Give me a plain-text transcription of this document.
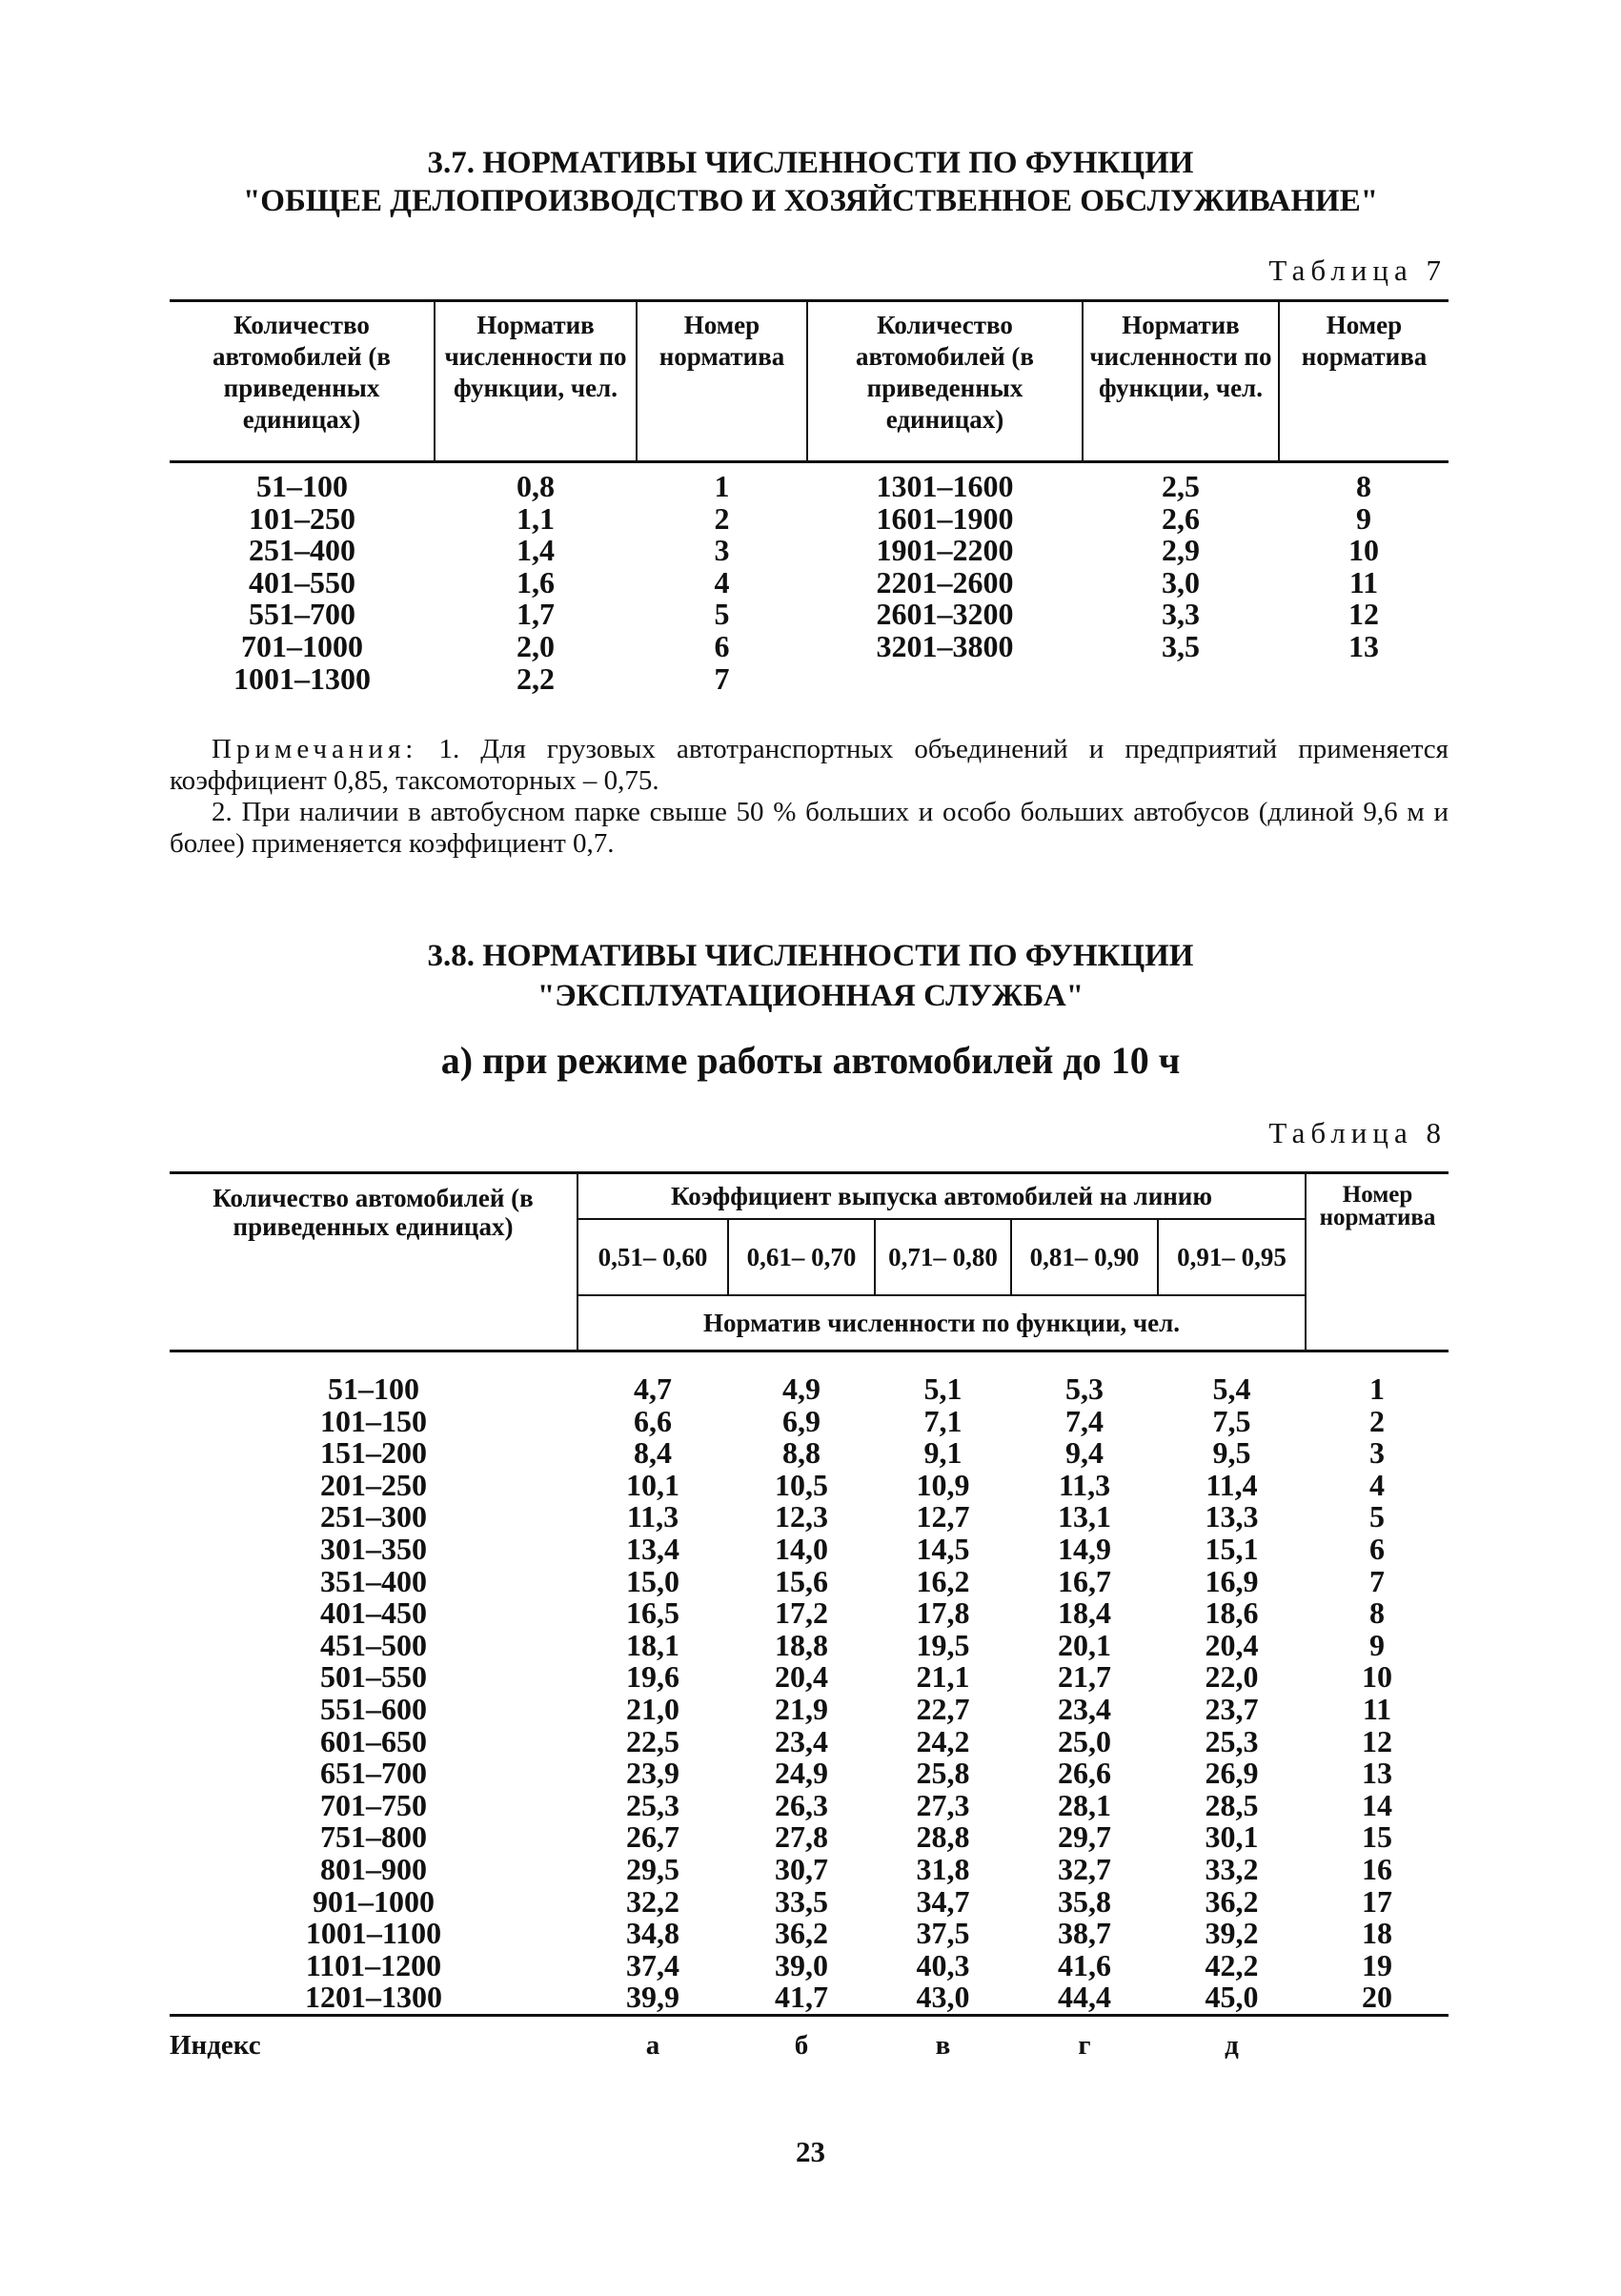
3.7. НОРМАТИВЫ ЧИСЛЕННОСТИ ПО ФУНКЦИИ
"ОБЩЕЕ ДЕЛОПРОИЗВОДСТВО И ХОЗЯЙСТВЕННОЕ ОБСЛУЖИВАНИЕ"
Таблица 7
Количество автомобилей (в приведенных единицах)	Норматив численности по функции, чел.	Номер норматива	Количество автомобилей (в приведенных единицах)	Норматив численности по функции, чел.	Номер норматива
51–100	0,8	1	1301–1600	2,5	8
101–250	1,1	2	1601–1900	2,6	9
251–400	1,4	3	1901–2200	2,9	10
401–550	1,6	4	2201–2600	3,0	11
551–700	1,7	5	2601–3200	3,3	12
701–1000	2,0	6	3201–3800	3,5	13
1001–1300	2,2	7			

Примечания: 1. Для грузовых автотранспортных объединений и предприятий применяется коэффициент 0,85, таксомоторных – 0,75.

2. При наличии в автобусном парке свыше 50 % больших и особо больших автобусов (длиной 9,6 м и более) применяется коэффициент 0,7.

3.8. НОРМАТИВЫ ЧИСЛЕННОСТИ ПО ФУНКЦИИ
"ЭКСПЛУАТАЦИОННАЯ СЛУЖБА"
а) при режиме работы автомобилей до 10 ч
Таблица 8
Количество автомобилей (в приведенных единицах)	Коэффициент выпуска автомобилей на линию					Номер норматива
	0,51– 0,60	0,61– 0,70	0,71– 0,80	0,81– 0,90	0,91– 0,95	
	Норматив численности по функции, чел.					
51–100	4,7	4,9	5,1	5,3	5,4	1
101–150	6,6	6,9	7,1	7,4	7,5	2
151–200	8,4	8,8	9,1	9,4	9,5	3
201–250	10,1	10,5	10,9	11,3	11,4	4
251–300	11,3	12,3	12,7	13,1	13,3	5
301–350	13,4	14,0	14,5	14,9	15,1	6
351–400	15,0	15,6	16,2	16,7	16,9	7
401–450	16,5	17,2	17,8	18,4	18,6	8
451–500	18,1	18,8	19,5	20,1	20,4	9
501–550	19,6	20,4	21,1	21,7	22,0	10
551–600	21,0	21,9	22,7	23,4	23,7	11
601–650	22,5	23,4	24,2	25,0	25,3	12
651–700	23,9	24,9	25,8	26,6	26,9	13
701–750	25,3	26,3	27,3	28,1	28,5	14
751–800	26,7	27,8	28,8	29,7	30,1	15
801–900	29,5	30,7	31,8	32,7	33,2	16
901–1000	32,2	33,5	34,7	35,8	36,2	17
1001–1100	34,8	36,2	37,5	38,7	39,2	18
1101–1200	37,4	39,0	40,3	41,6	42,2	19
1201–1300	39,9	41,7	43,0	44,4	45,0	20
Индекс	а	б	в	г	д	
23
